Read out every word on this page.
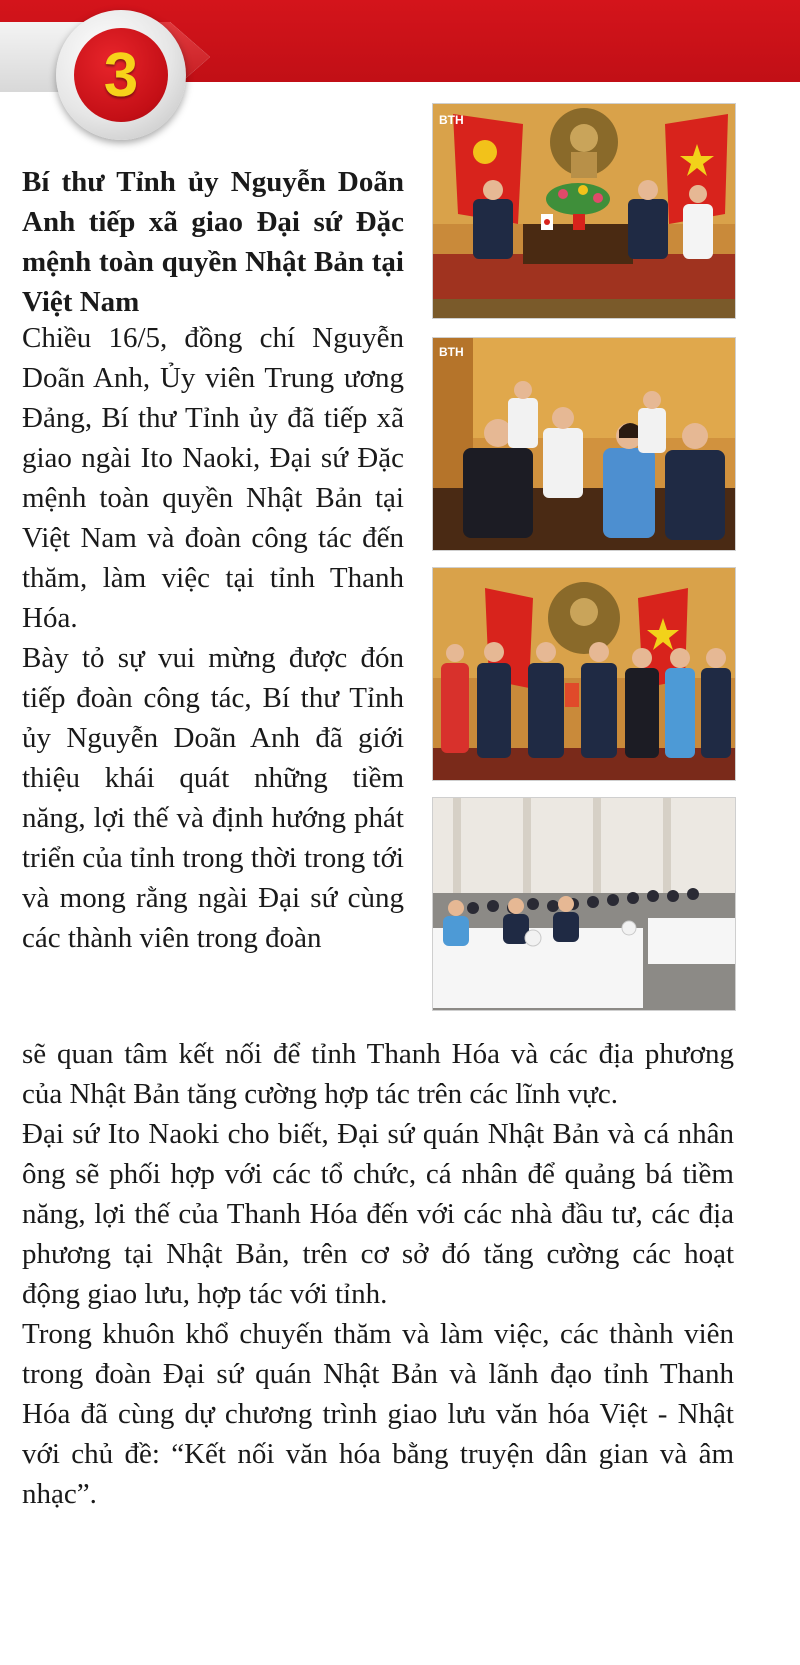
3
Bí thư Tỉnh ủy Nguyễn Doãn Anh tiếp xã giao Đại sứ Đặc mệnh toàn quyền Nhật Bản tại Việt Nam

Chiều 16/5, đồng chí Nguyễn Doãn Anh, Ủy viên Trung ương Đảng, Bí thư Tỉnh ủy đã tiếp xã giao ngài Ito Naoki, Đại sứ Đặc mệnh toàn quyền Nhật Bản tại Việt Nam và đoàn công tác đến thăm, làm việc tại tỉnh Thanh Hóa.

Bày tỏ sự vui mừng được đón tiếp đoàn công tác, Bí thư Tỉnh ủy Nguyễn Doãn Anh đã giới thiệu khái quát những tiềm năng, lợi thế và định hướng phát triển của tỉnh trong thời trong tới và mong rằng ngài Đại sứ cùng các thành viên trong đoàn

sẽ quan tâm kết nối để tỉnh Thanh Hóa và các địa phương của Nhật Bản tăng cường hợp tác trên các lĩnh vực.

Đại sứ Ito Naoki cho biết, Đại sứ quán Nhật Bản và cá nhân ông sẽ phối hợp với các tổ chức, cá nhân để quảng bá tiềm năng, lợi thế của Thanh Hóa đến với các nhà đầu tư, các địa phương tại Nhật Bản, trên cơ sở đó tăng cường các hoạt động giao lưu, hợp tác với tỉnh.

Trong khuôn khổ chuyến thăm và làm việc, các thành viên trong đoàn Đại sứ quán Nhật Bản và lãnh đạo tỉnh Thanh Hóa đã cùng dự chương trình giao lưu văn hóa Việt - Nhật với chủ đề: “Kết nối văn hóa bằng truyện dân gian và âm nhạc”.

BTH
BTH
